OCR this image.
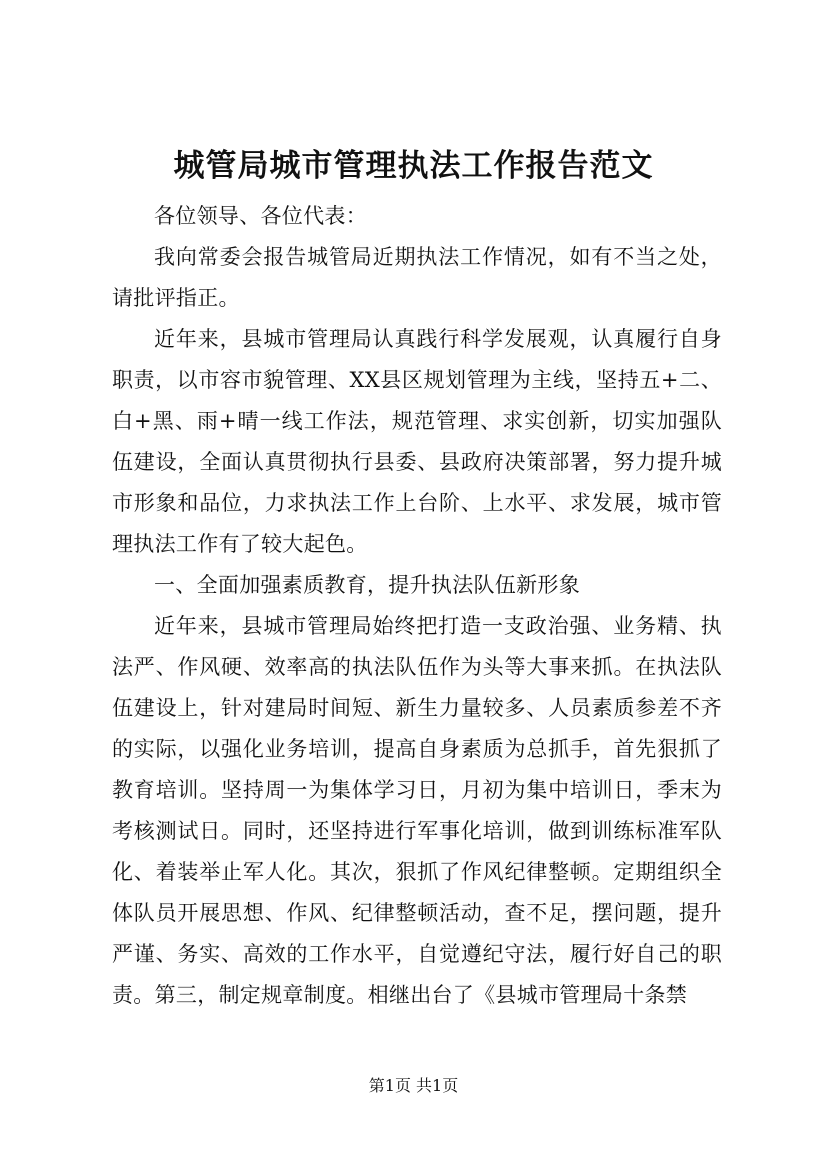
城管局城市管理执法工作报告范文

各位领导、各位代表：

我向常委会报告城管局近期执法工作情况，如有不当之处，请批评指正。

近年来，县城市管理局认真践行科学发展观，认真履行自身职责，以市容市貌管理、XX县区规划管理为主线，坚持五+二、白+黑、雨+晴一线工作法，规范管理、求实创新，切实加强队伍建设，全面认真贯彻执行县委、县政府决策部署，努力提升城市形象和品位，力求执法工作上台阶、上水平、求发展，城市管理执法工作有了较大起色。

一、全面加强素质教育，提升执法队伍新形象

近年来，县城市管理局始终把打造一支政治强、业务精、执法严、作风硬、效率高的执法队伍作为头等大事来抓。在执法队伍建设上，针对建局时间短、新生力量较多、人员素质参差不齐的实际，以强化业务培训，提高自身素质为总抓手，首先狠抓了教育培训。坚持周一为集体学习日，月初为集中培训日，季末为考核测试日。同时，还坚持进行军事化培训，做到训练标准军队化、着装举止军人化。其次，狠抓了作风纪律整顿。定期组织全体队员开展思想、作风、纪律整顿活动，查不足，摆问题，提升严谨、务实、高效的工作水平，自觉遵纪守法，履行好自己的职责。第三，制定规章制度。相继出台了《县城市管理局十条禁

第1页 共1页
